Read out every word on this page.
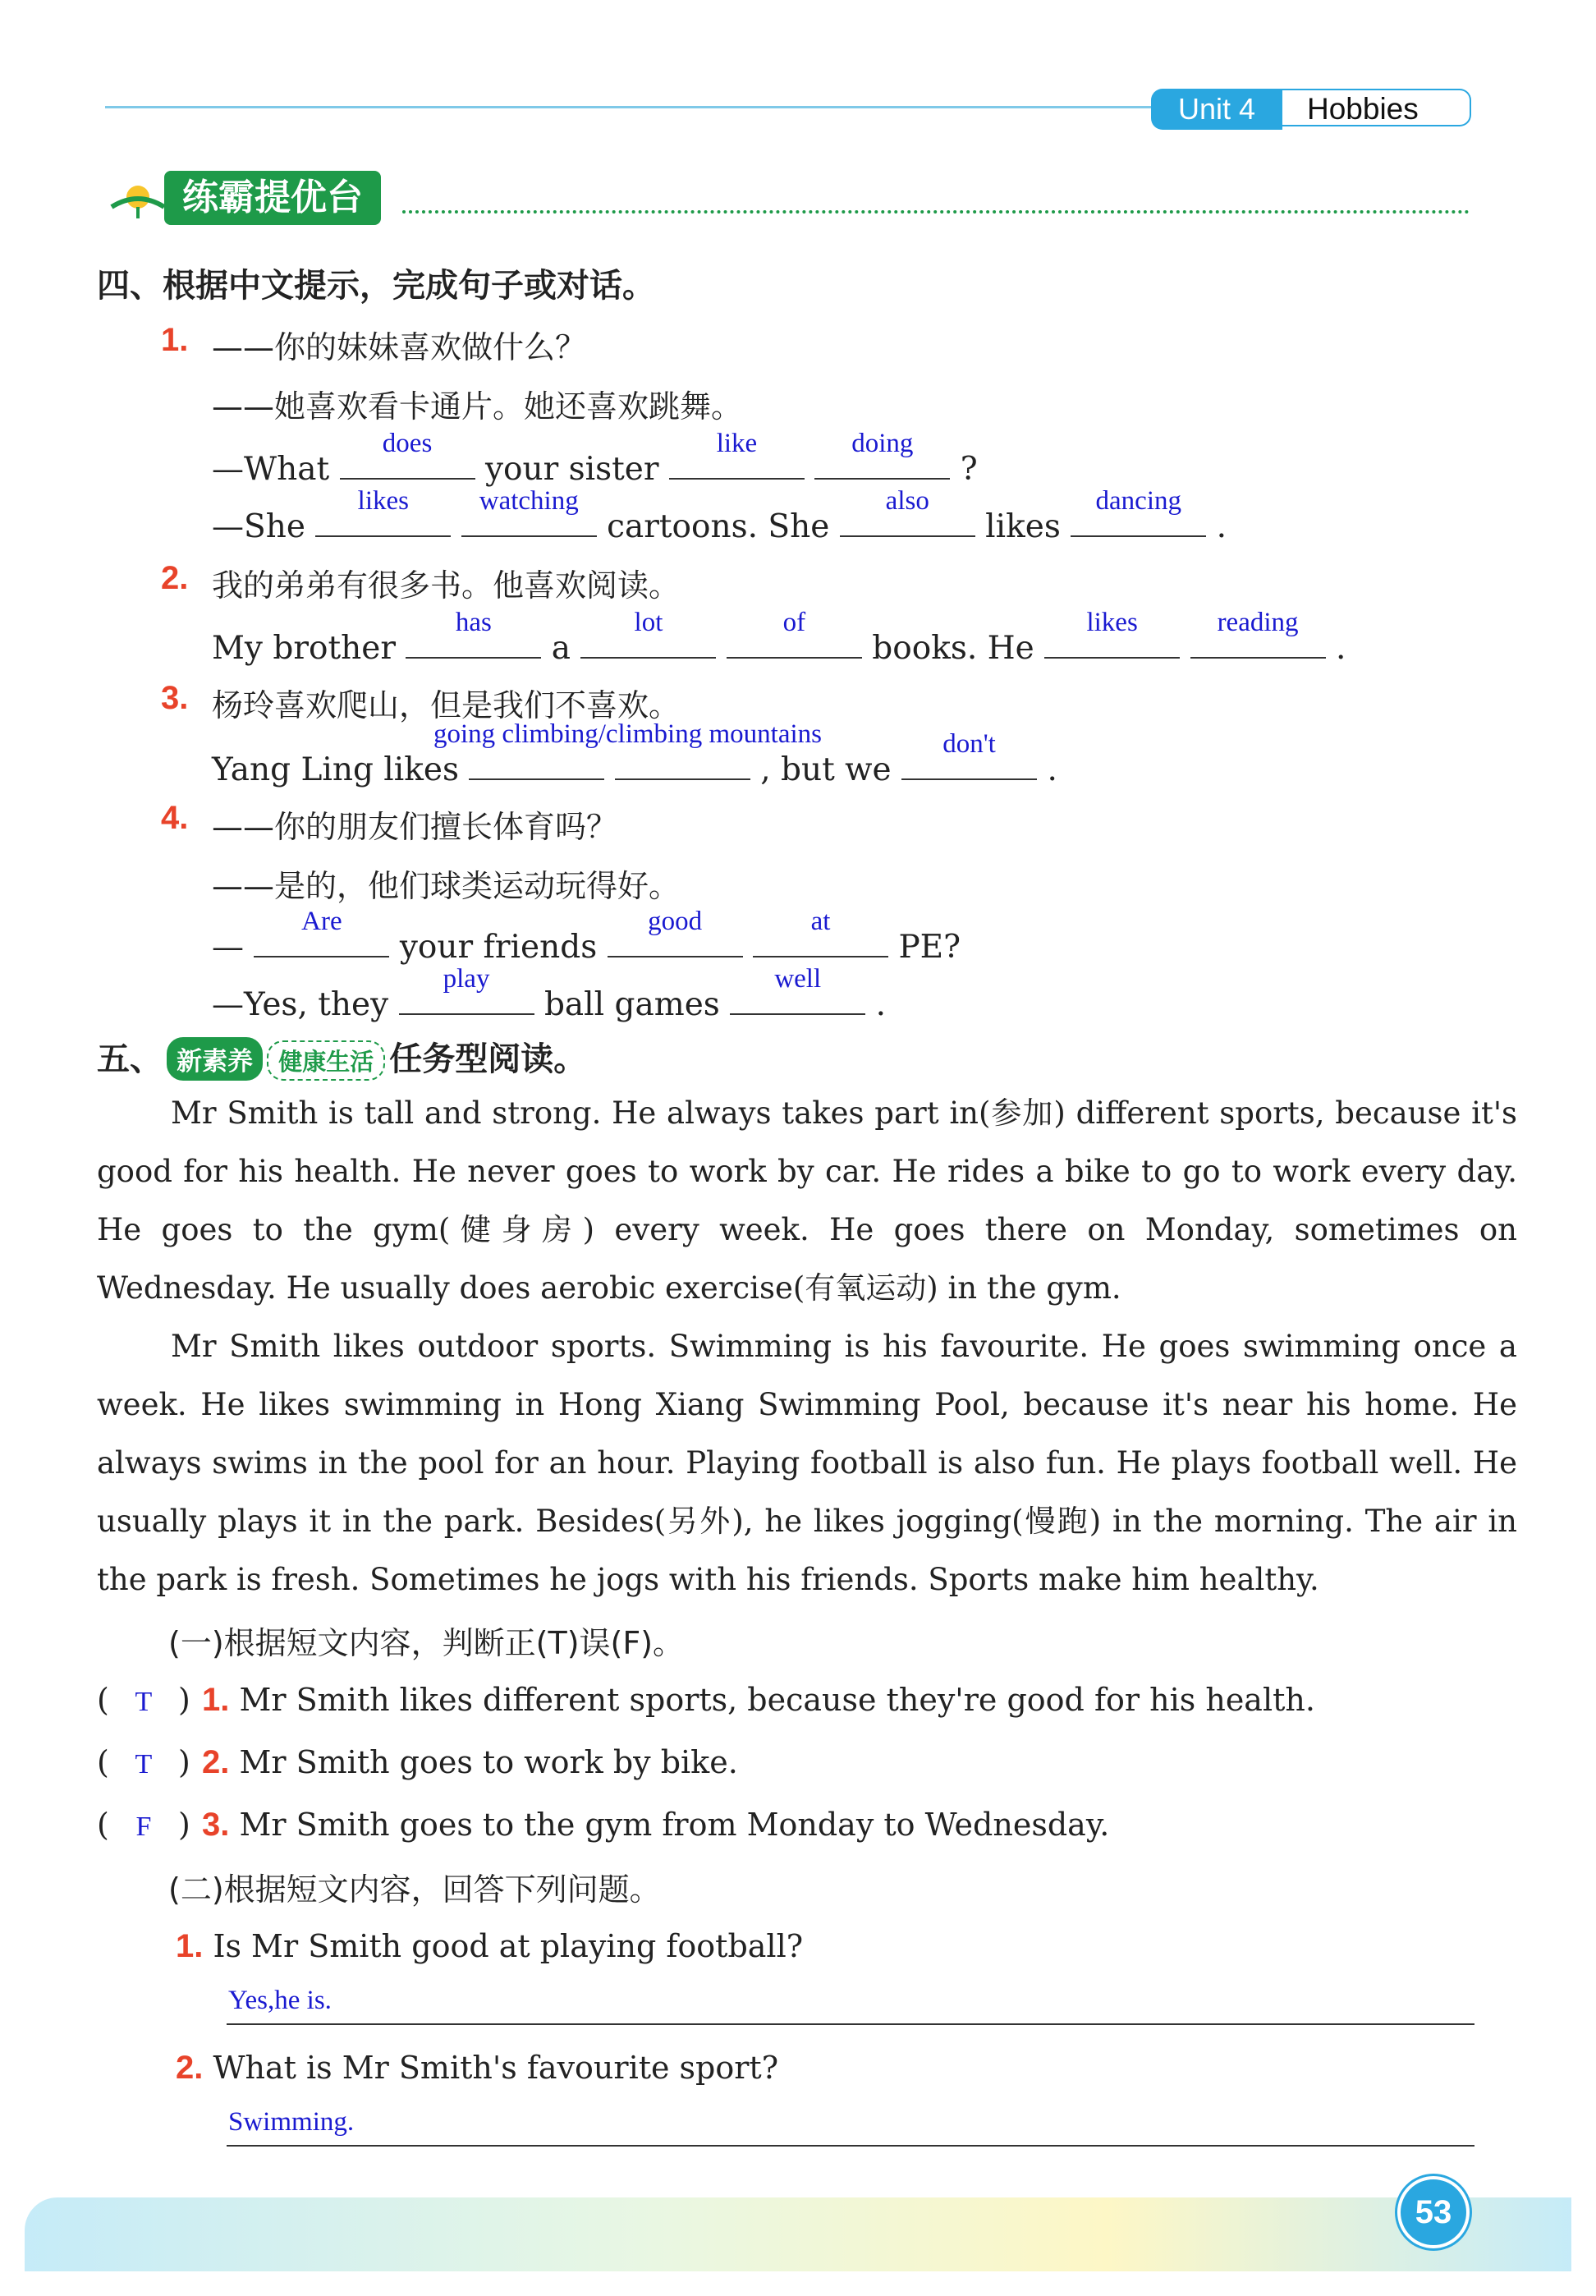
Unit 4	Hobbies
练霸提优台
四、根据中文提示，完成句子或对话。
1. ——你的妹妹喜欢做什么？
——她喜欢看卡通片。她还喜欢跳舞。
—What
does
your sister
like
	doing
?
—She
likes
	watching
cartoons. She
also
likes
dancing
.
2. 我的弟弟有很多书。他喜欢阅读。
My brother
has
a
lot
	of
books. He
likes
	reading
.
3. 杨玲喜欢爬山，但是我们不喜欢。
going climbing/climbing mountains
Yang Ling likes	, but we
don't
.
4. ——你的朋友们擅长体育吗？
——是的，他们球类运动玩得好。
—
Are
your friends
good
	at
PE?
—Yes, they
play
ball games
well
.
五、 新素养 健康生活 任务型阅读。

Mr Smith is tall and strong. He always takes part in(参加) different sports, because it's good for his health. He never goes to work by car. He rides a bike to go to work every day. He goes to the gym(健身房) every week. He goes there on Monday, sometimes on Wednesday. He usually does aerobic exercise(有氧运动) in the gym.

Mr Smith likes outdoor sports. Swimming is his favourite. He goes swimming once a week. He likes swimming in Hong Xiang Swimming Pool, because it's near his home. He always swims in the pool for an hour. Playing football is also fun. He plays football well. He usually plays it in the park. Besides(另外), he likes jogging(慢跑) in the morning. The air in the park is fresh. Sometimes he jogs with his friends. Sports make him healthy.

(一)根据短文内容，判断正(T)误(F)。
( T ) 1. Mr Smith likes different sports, because they're good for his health.
( T ) 2. Mr Smith goes to work by bike.
( F ) 3. Mr Smith goes to the gym from Monday to Wednesday.
(二)根据短文内容，回答下列问题。
1. Is Mr Smith good at playing football?
Yes,he is.
2. What is Mr Smith's favourite sport?
Swimming.
53
